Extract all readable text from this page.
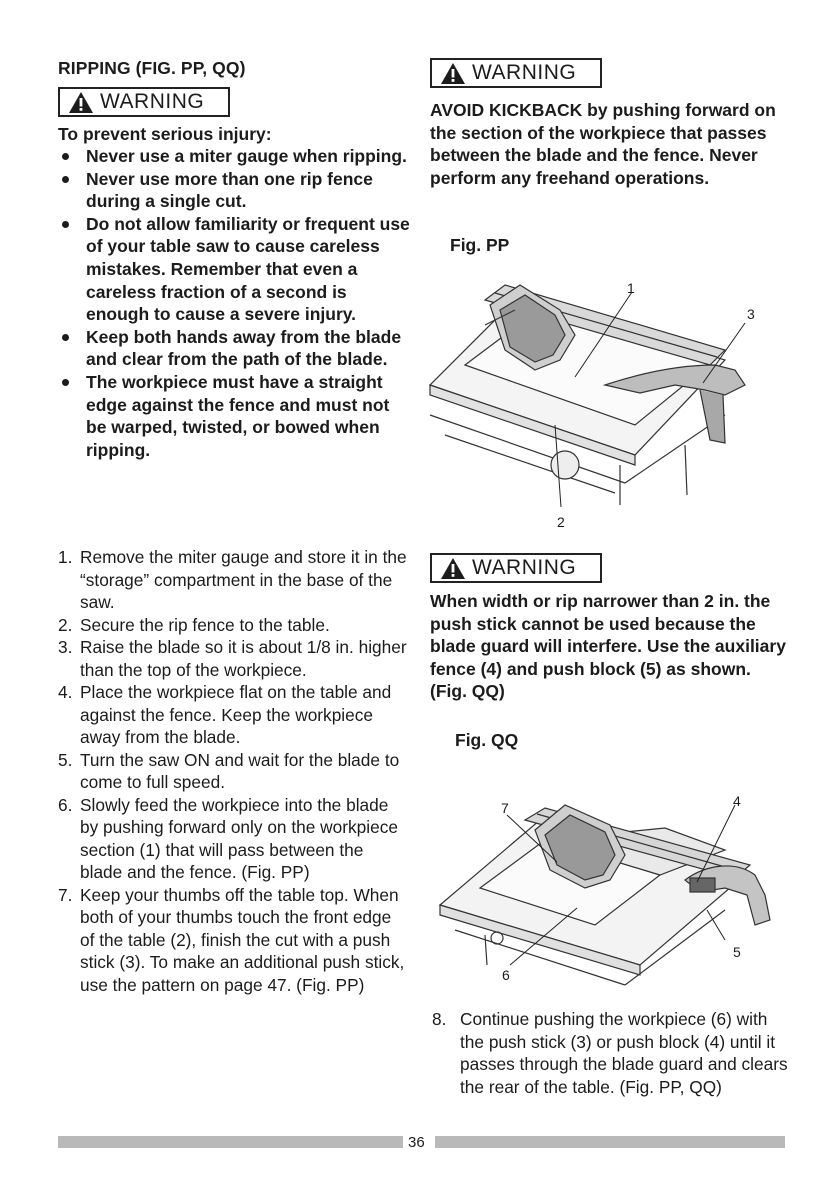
RIPPING (FIG. PP, QQ)
WARNING
To prevent serious injury:
Never use a miter gauge when ripping.
Never use more than one rip fence during a single cut.
Do not allow familiarity or frequent use of your table saw to cause careless mistakes. Remember that even a careless fraction of a second is enough to cause a severe injury.
Keep both hands away from the blade and clear from the path of the blade.
The workpiece must have a straight edge against the fence and must not be warped, twisted, or bowed when ripping.
1. Remove the miter gauge and store it in the “storage” compartment in the base of the saw.
2. Secure the rip fence to the table.
3. Raise the blade so it is about 1/8 in. higher than the top of the workpiece.
4. Place the workpiece flat on the table and against the fence. Keep the workpiece away from the blade.
5. Turn the saw ON and wait for the blade to come to full speed.
6. Slowly feed the workpiece into the blade by pushing forward only on the workpiece section (1) that will pass between the blade and the fence. (Fig. PP)
7. Keep your thumbs off the table top. When both of your thumbs touch the front edge of the table (2), finish the cut with a push stick (3). To make an additional push stick, use the pattern on page 47. (Fig. PP)
WARNING
AVOID KICKBACK by pushing forward on the section of the workpiece that passes between the blade and the fence. Never perform any freehand operations.
Fig. PP
1
3
2
WARNING
When width or rip narrower than 2 in. the push stick cannot be used because the blade guard will interfere. Use the auxiliary fence (4) and push block (5) as shown. (Fig. QQ)
Fig. QQ
7	4
5
6
8. Continue pushing the workpiece (6) with the push stick (3) or push block (4) until it passes through the blade guard and clears the rear of the table. (Fig. PP, QQ)
36
